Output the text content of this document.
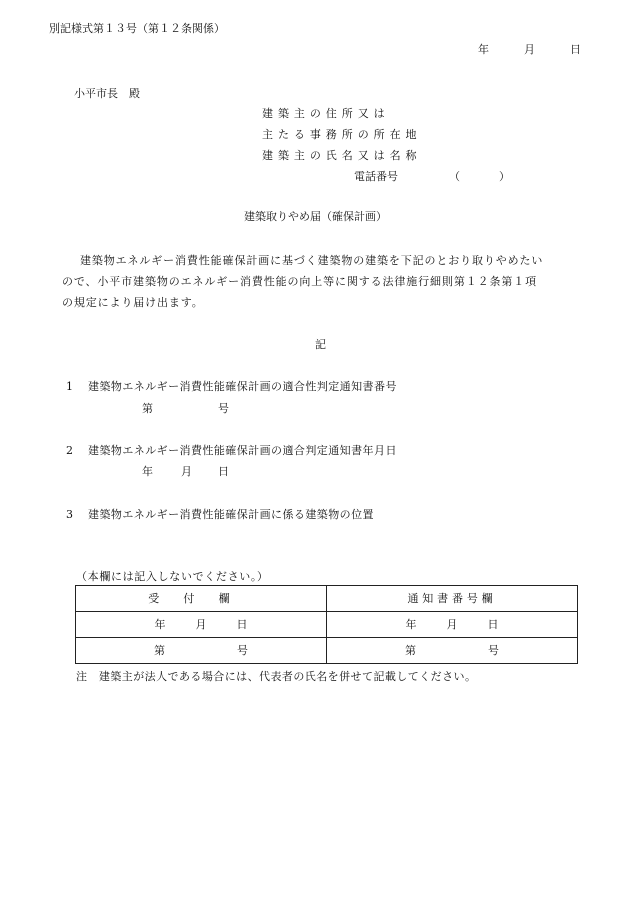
別記様式第１３号（第１２条関係）
年	月	日
小平市長　殿
建築主の住所又は
主たる事務所の所在地
建築主の氏名又は名称
電話番号	（	）
建築取りやめ届（確保計画）
建築物エネルギー消費性能確保計画に基づく建築物の建築を下記のとおり取りやめたい
ので、小平市建築物のエネルギー消費性能の向上等に関する法律施行細則第１２条第１項
の規定により届け出ます。
記
1 建築物エネルギー消費性能確保計画の適合性判定通知書番号
第	号
2 建築物エネルギー消費性能確保計画の適合判定通知書年月日
年	月 日
3 建築物エネルギー消費性能確保計画に係る建築物の位置
（本欄には記入しないでください。）
受付欄	通知書番号欄
年 月 日	年 月 日
第 号	第 号
注　建築主が法人である場合には、代表者の氏名を併せて記載してください。
